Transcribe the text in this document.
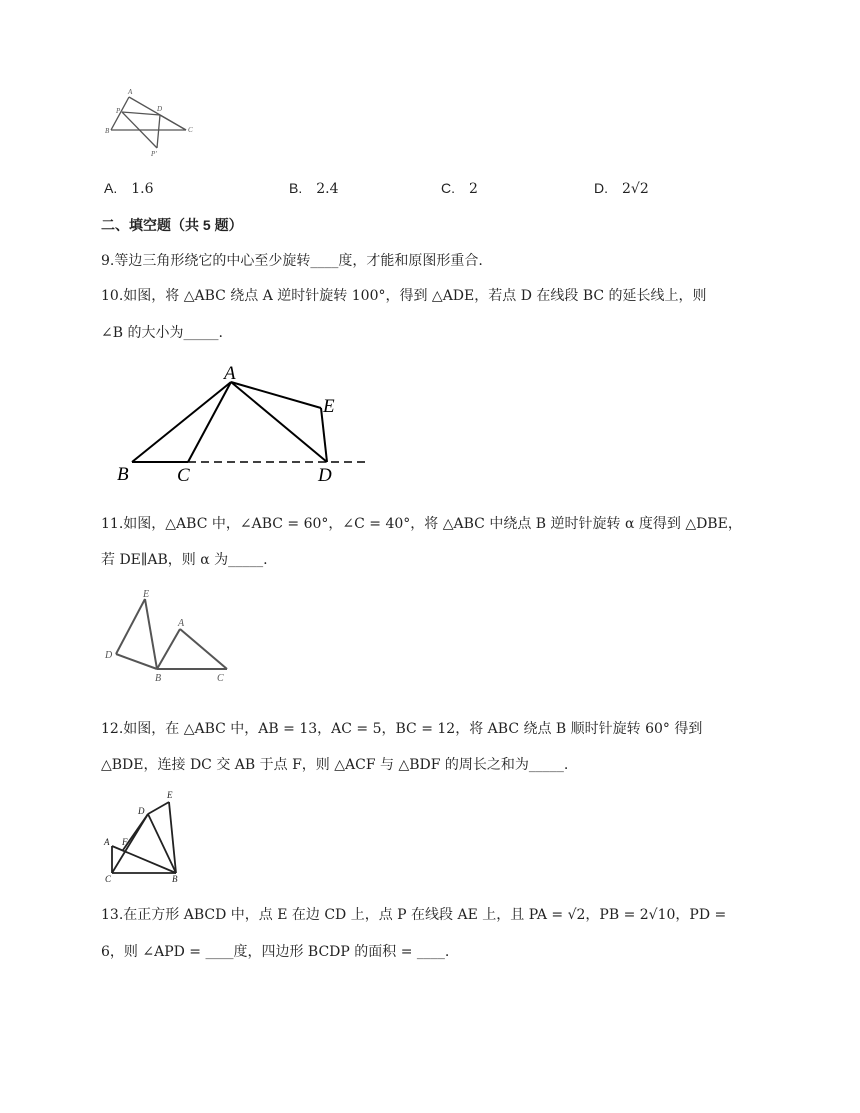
A
P	D
B	C
P'
A. 1.6	B. 2.4	C. 2	D. 2√2
二、填空题（共 5 题）
9.等边三角形绕它的中心至少旋转____度，才能和原图形重合.
10.如图，将 △ABC 绕点 A 逆时针旋转 100°，得到 △ADE，若点 D 在线段 BC 的延长线上，则
∠B 的大小为_____.
A
E
B	C	D
11.如图，△ABC 中，∠ABC = 60°，∠C = 40°，将 △ABC 中绕点 B 逆时针旋转 α 度得到 △DBE，
若 DE∥AB，则 α 为_____.
E
A
D
B	C
12.如图，在 △ABC 中，AB = 13，AC = 5，BC = 12，将 ABC 绕点 B 顺时针旋转 60° 得到
△BDE，连接 DC 交 AB 于点 F，则 △ACF 与 △BDF 的周长之和为_____.
E
D
F
A
C	B
13.在正方形 ABCD 中，点 E 在边 CD 上，点 P 在线段 AE 上，且 PA = √2，PB = 2√10，PD =
6，则 ∠APD = ____度，四边形 BCDP 的面积 = ____.
